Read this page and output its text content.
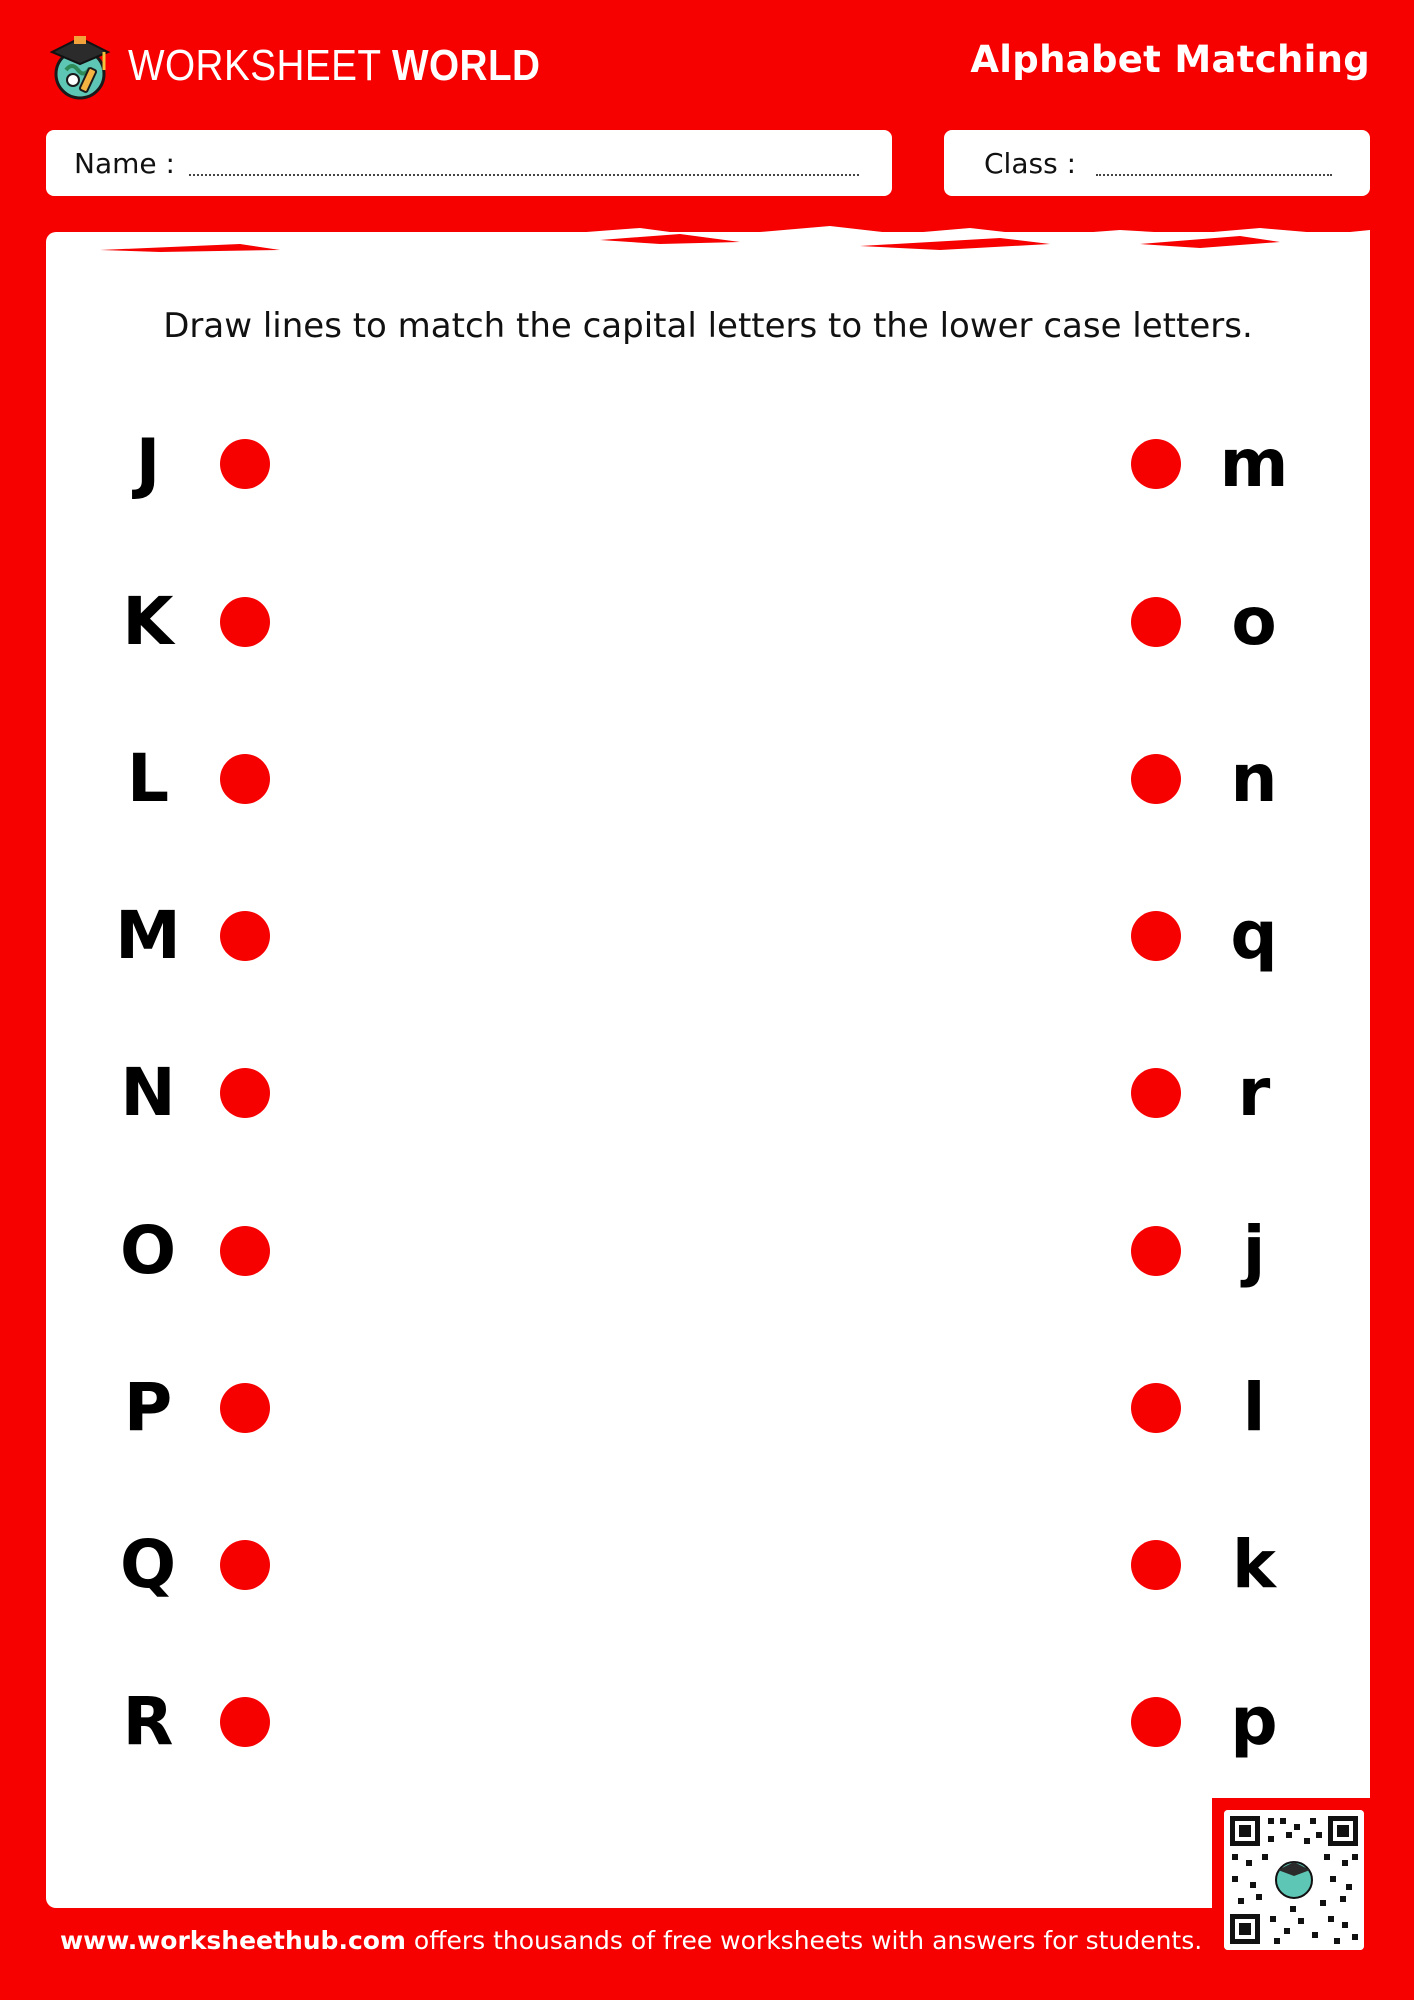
WORKSHEET WORLD	Alphabet Matching
Name :	Class :
Draw lines to match the capital letters to the lower case letters.
J	m
K	o
L	n
M	q
N	r
O	j
P	l
Q	k
R	p
www.worksheethub.com offers thousands of free worksheets with answers for students.
